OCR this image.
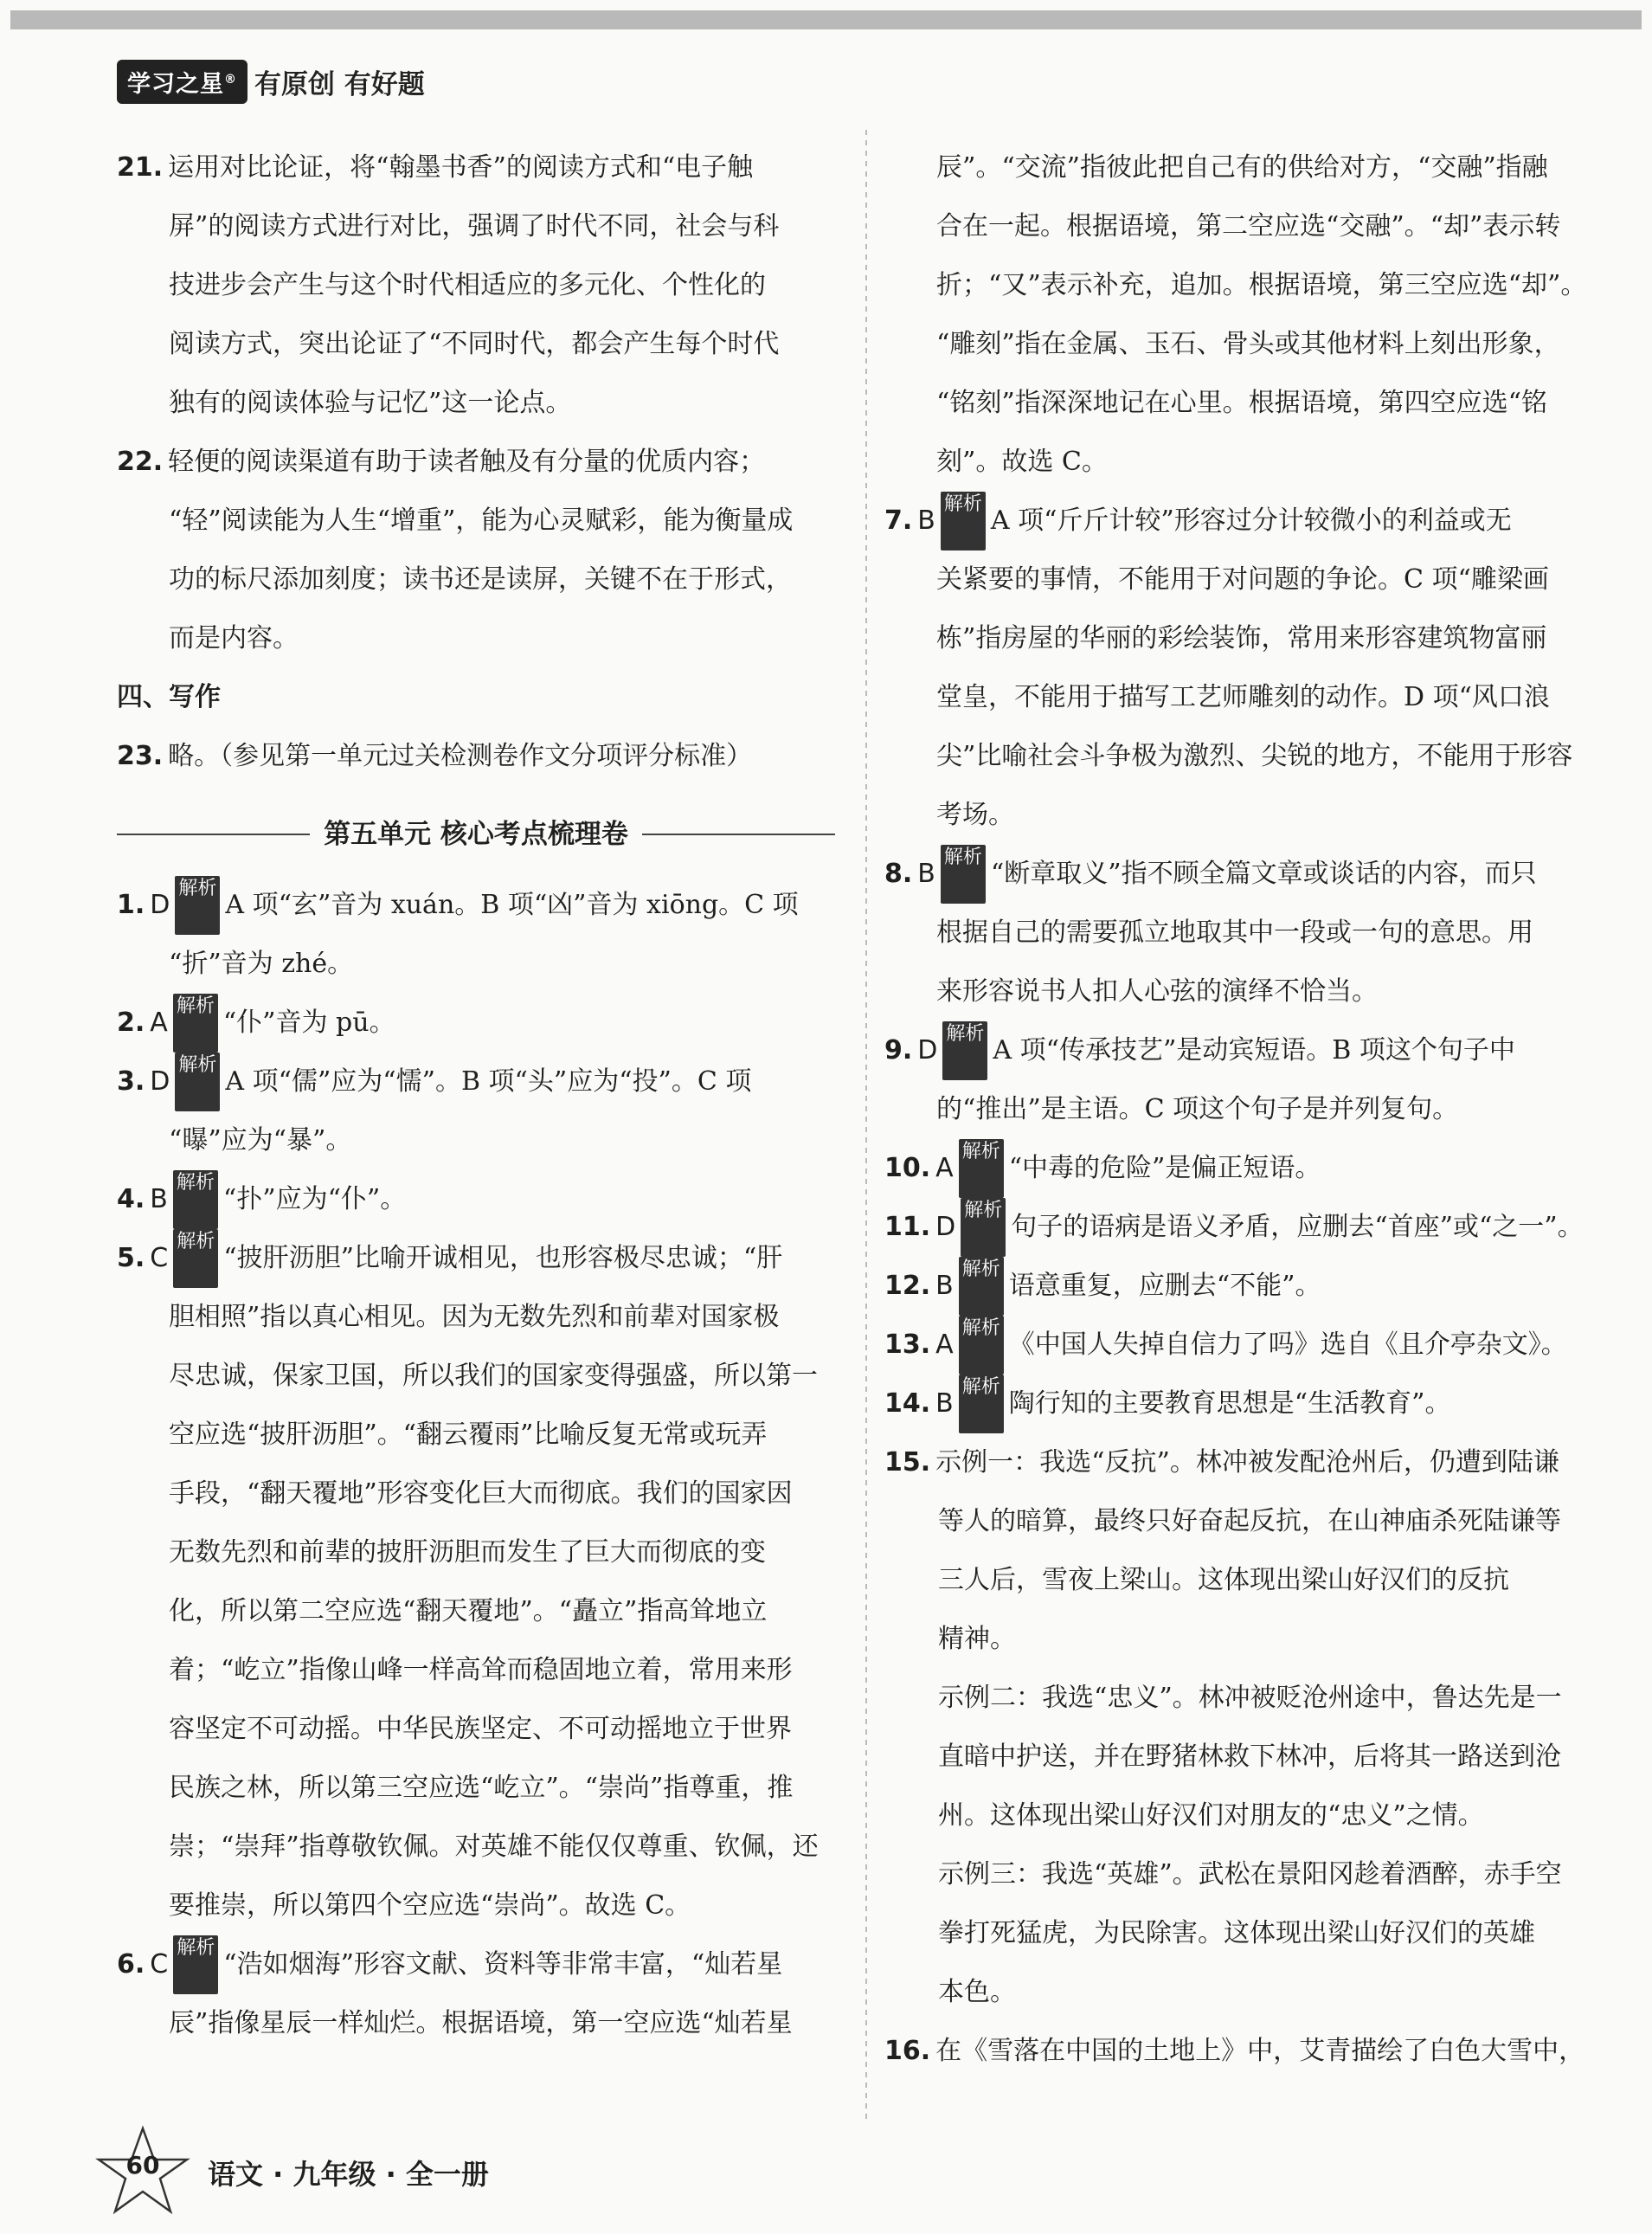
学习之星® 有原创 有好题
21. 运用对比论证，将“翰墨书香”的阅读方式和“电子触
屏”的阅读方式进行对比，强调了时代不同，社会与科
技进步会产生与这个时代相适应的多元化、个性化的
阅读方式，突出论证了“不同时代，都会产生每个时代
独有的阅读体验与记忆”这一论点。
22. 轻便的阅读渠道有助于读者触及有分量的优质内容；
“轻”阅读能为人生“增重”，能为心灵赋彩，能为衡量成
功的标尺添加刻度；读书还是读屏，关键不在于形式，
而是内容。
四、写作
23. 略。（参见第一单元过关检测卷作文分项评分标准）
第五单元 核心考点梳理卷
1. D
解析
A 项“玄”音为 xuán。B 项“凶”音为 xiōng。C 项
“折”音为 zhé。
2. A
解析
“仆”音为 pū。
3. D
解析
A 项“儒”应为“懦”。B 项“头”应为“投”。C 项
“曝”应为“暴”。
4. B
解析
“扑”应为“仆”。
5. C
解析
“披肝沥胆”比喻开诚相见，也形容极尽忠诚；“肝
胆相照”指以真心相见。因为无数先烈和前辈对国家极
尽忠诚，保家卫国，所以我们的国家变得强盛，所以第一
空应选“披肝沥胆”。“翻云覆雨”比喻反复无常或玩弄
手段，“翻天覆地”形容变化巨大而彻底。我们的国家因
无数先烈和前辈的披肝沥胆而发生了巨大而彻底的变
化，所以第二空应选“翻天覆地”。“矗立”指高耸地立
着；“屹立”指像山峰一样高耸而稳固地立着，常用来形
容坚定不可动摇。中华民族坚定、不可动摇地立于世界
民族之林，所以第三空应选“屹立”。“崇尚”指尊重，推
崇；“崇拜”指尊敬钦佩。对英雄不能仅仅尊重、钦佩，还
要推崇，所以第四个空应选“崇尚”。故选 C。
6. C
解析
“浩如烟海”形容文献、资料等非常丰富，“灿若星
辰”指像星辰一样灿烂。根据语境，第一空应选“灿若星
辰”。“交流”指彼此把自己有的供给对方，“交融”指融
合在一起。根据语境，第二空应选“交融”。“却”表示转
折；“又”表示补充，追加。根据语境，第三空应选“却”。
“雕刻”指在金属、玉石、骨头或其他材料上刻出形象，
“铭刻”指深深地记在心里。根据语境，第四空应选“铭
刻”。故选 C。
7. B
解析
A 项“斤斤计较”形容过分计较微小的利益或无
关紧要的事情，不能用于对问题的争论。C 项“雕梁画
栋”指房屋的华丽的彩绘装饰，常用来形容建筑物富丽
堂皇，不能用于描写工艺师雕刻的动作。D 项“风口浪
尖”比喻社会斗争极为激烈、尖锐的地方，不能用于形容
考场。
8. B
解析
“断章取义”指不顾全篇文章或谈话的内容，而只
根据自己的需要孤立地取其中一段或一句的意思。用
来形容说书人扣人心弦的演绎不恰当。
9. D
解析
A 项“传承技艺”是动宾短语。B 项这个句子中
的“推出”是主语。C 项这个句子是并列复句。
10. A
解析
“中毒的危险”是偏正短语。
11. D
解析
句子的语病是语义矛盾，应删去“首座”或“之一”。
12. B
解析
语意重复，应删去“不能”。
13. A
解析
《中国人失掉自信力了吗》选自《且介亭杂文》。
14. B
解析
陶行知的主要教育思想是“生活教育”。
15. 示例一：我选“反抗”。林冲被发配沧州后，仍遭到陆谦
等人的暗算，最终只好奋起反抗，在山神庙杀死陆谦等
三人后，雪夜上梁山。这体现出梁山好汉们的反抗
精神。
示例二：我选“忠义”。林冲被贬沧州途中，鲁达先是一
直暗中护送，并在野猪林救下林冲，后将其一路送到沧
州。这体现出梁山好汉们对朋友的“忠义”之情。
示例三：我选“英雄”。武松在景阳冈趁着酒醉，赤手空
拳打死猛虎，为民除害。这体现出梁山好汉们的英雄
本色。
16. 在《雪落在中国的土地上》中，艾青描绘了白色大雪中，
60	语文 · 九年级 · 全一册
